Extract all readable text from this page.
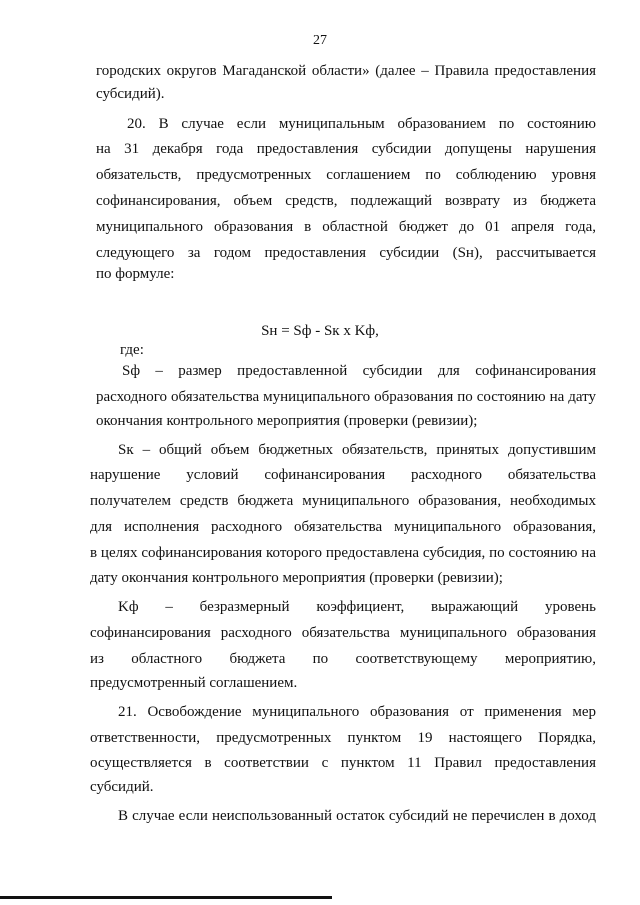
27
городских округов Магаданской области» (далее – Правила предоставления
субсидий).
20. В случае если муниципальным образованием по состоянию
на 31 декабря года предоставления субсидии допущены нарушения
обязательств, предусмотренных соглашением по соблюдению уровня
софинансирования, объем средств, подлежащий возврату из бюджета
муниципального образования в областной бюджет до 01 апреля года,
следующего за годом предоставления субсидии (Sн), рассчитывается
по формуле:
Sн = Sф - Sк x Kф,
где:
Sф – размер предоставленной субсидии для софинансирования
расходного обязательства муниципального образования по состоянию на дату
окончания контрольного мероприятия (проверки (ревизии);
Sк – общий объем бюджетных обязательств, принятых допустившим
нарушение условий софинансирования расходного обязательства
получателем средств бюджета муниципального образования, необходимых
для исполнения расходного обязательства муниципального образования,
в целях софинансирования которого предоставлена субсидия, по состоянию на
дату окончания контрольного мероприятия (проверки (ревизии);
Kф – безразмерный коэффициент, выражающий уровень
софинансирования расходного обязательства муниципального образования
из областного бюджета по соответствующему мероприятию,
предусмотренный соглашением.
21. Освобождение муниципального образования от применения мер
ответственности, предусмотренных пунктом 19 настоящего Порядка,
осуществляется в соответствии с пунктом 11 Правил предоставления
субсидий.
В случае если неиспользованный остаток субсидий не перечислен в доход
